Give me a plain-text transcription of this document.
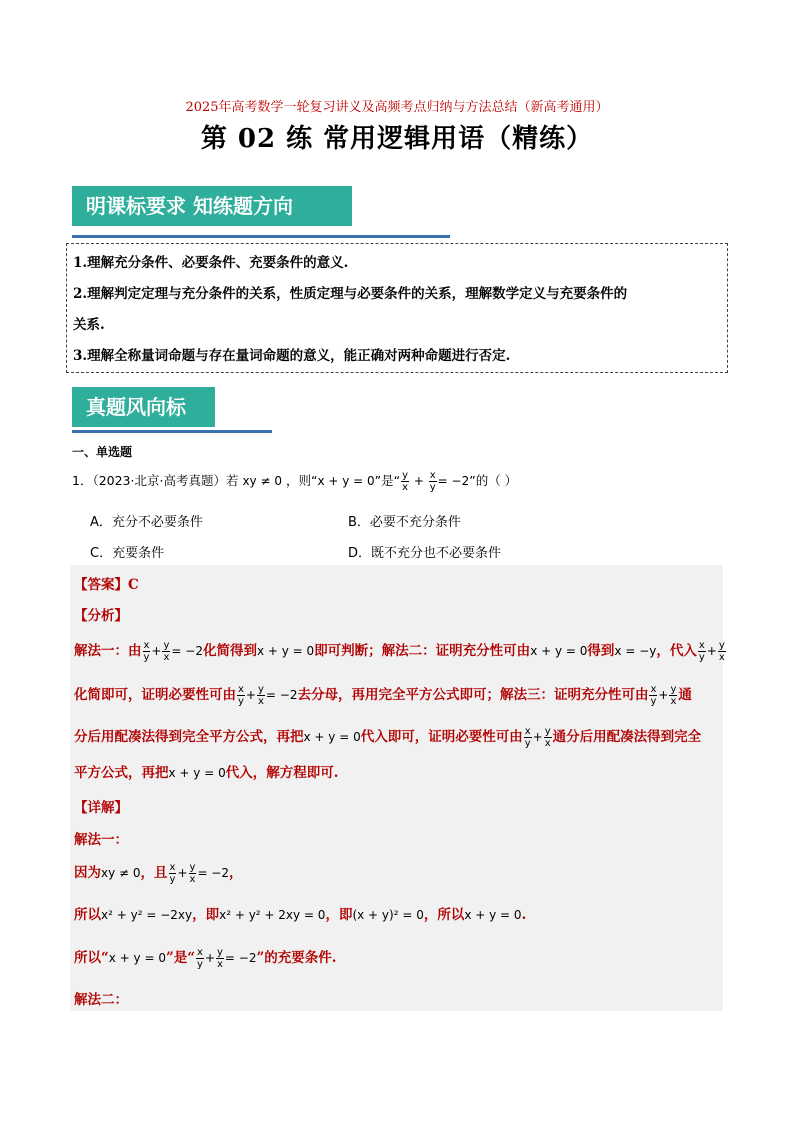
2025年高考数学一轮复习讲义及高频考点归纳与方法总结（新高考通用）
第 02 练 常用逻辑用语（精练）
明课标要求 知练题方向
1.理解充分条件、必要条件、充要条件的意义.
2.理解判定定理与充分条件的关系，性质定理与必要条件的关系，理解数学定义与充要条件的
关系.
3.理解全称量词命题与存在量词命题的意义，能正确对两种命题进行否定.
真题风向标
一、单选题
1．（2023·北京·高考真题）若 xy ≠ 0 ，则“x + y = 0”是“ $\frac{y}{x} + \frac{x}{y} = -2$”的（ ）
A．充分不必要条件	B．必要不充分条件
C．充要条件	D．既不充分也不必要条件
【答案】C
【分析】
解法一：由 $\frac{x}{y} + \frac{y}{x} = -2$化简得到x + y = 0即可判断；解法二：证明充分性可由x + y = 0得到x = −y，代入 $\frac{x}{y} + \frac{y}{x}$
化简即可，证明必要性可由 $\frac{x}{y} + \frac{y}{x} = -2$去分母，再用完全平方公式即可；解法三：证明充分性可由 $\frac{x}{y} + \frac{y}{x}$ 通
分后用配凑法得到完全平方公式，再把x + y = 0代入即可，证明必要性可由 $\frac{x}{y} + \frac{y}{x}$ 通分后用配凑法得到完全
平方公式，再把x + y = 0代入，解方程即可.
【详解】
解法一：
因为xy ≠ 0，且 $\frac{x}{y} + \frac{y}{x} = -2$，
所以x² + y² = −2xy，即x² + y² + 2xy = 0，即(x + y)² = 0，所以x + y = 0.
所以“x + y = 0”是“ $\frac{x}{y} + \frac{y}{x} = -2$”的充要条件.
解法二：
